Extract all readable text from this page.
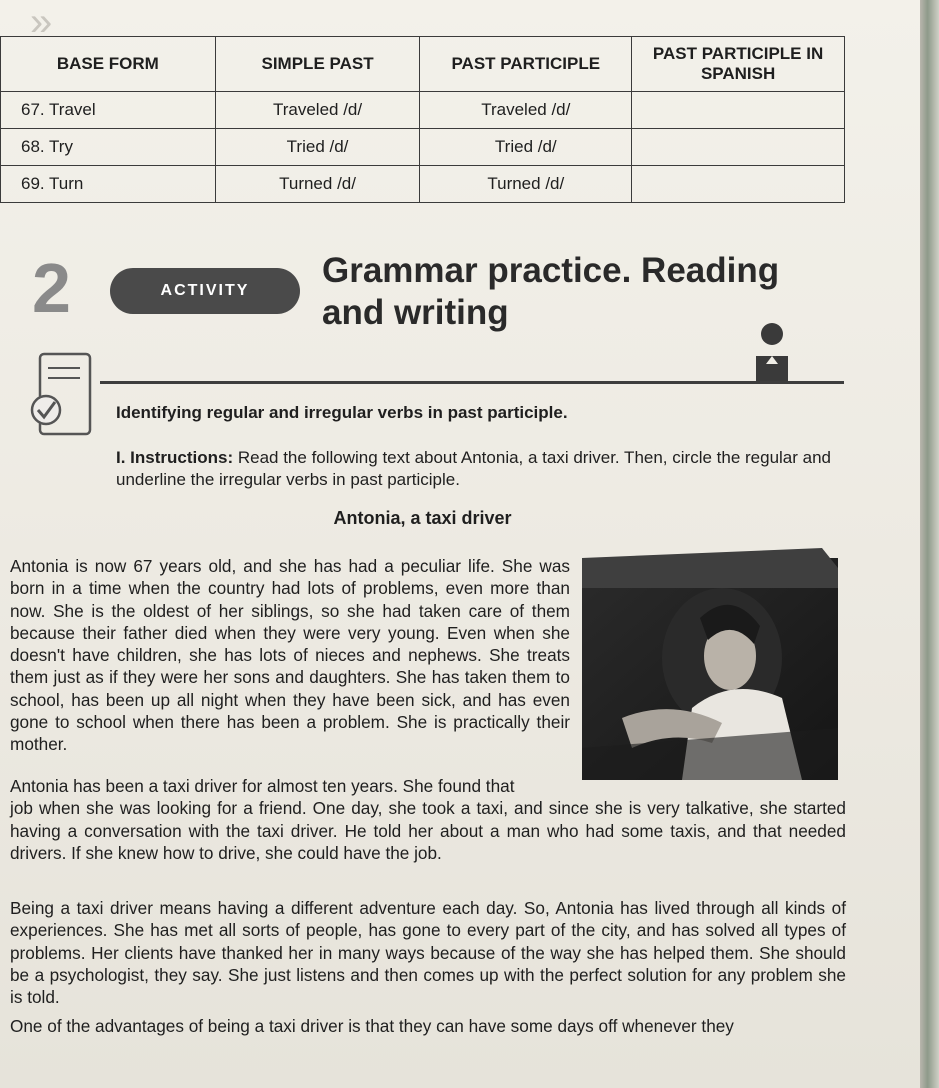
»
BASE FORM	SIMPLE PAST	PAST PARTICIPLE	PAST PARTICIPLE IN SPANISH
67. Travel	Traveled /d/	Traveled /d/	
68. Try	Tried /d/	Tried /d/	
69. Turn	Turned /d/	Turned /d/	
2	ACTIVITY
Grammar practice. Reading and writing
Identifying regular and irregular verbs in past participle.
I. Instructions: Read the following text about Antonia, a taxi driver. Then, circle the regular and underline the irregular verbs in past participle.
Antonia, a taxi driver
Antonia is now 67 years old, and she has had a peculiar life. She was born in a time when the country had lots of problems, even more than now. She is the oldest of her siblings, so she had taken care of them because their father died when they were very young. Even when she doesn't have children, she has lots of nieces and nephews. She treats them just as if they were her sons and daughters. She has taken them to school, has been up all night when they have been sick, and has even gone to school when there has been a problem. She is practically their mother.
Antonia has been a taxi driver for almost ten years. She found that
job when she was looking for a friend. One day, she took a taxi, and since she is very talkative, she started having a conversation with the taxi driver. He told her about a man who had some taxis, and that needed drivers. If she knew how to drive, she could have the job.
Being a taxi driver means having a different adventure each day. So, Antonia has lived through all kinds of experiences. She has met all sorts of people, has gone to every part of the city, and has solved all types of problems. Her clients have thanked her in many ways because of the way she has helped them. She should be a psychologist, they say. She just listens and then comes up with the perfect solution for any problem she is told.
One of the advantages of being a taxi driver is that they can have some days off whenever they
